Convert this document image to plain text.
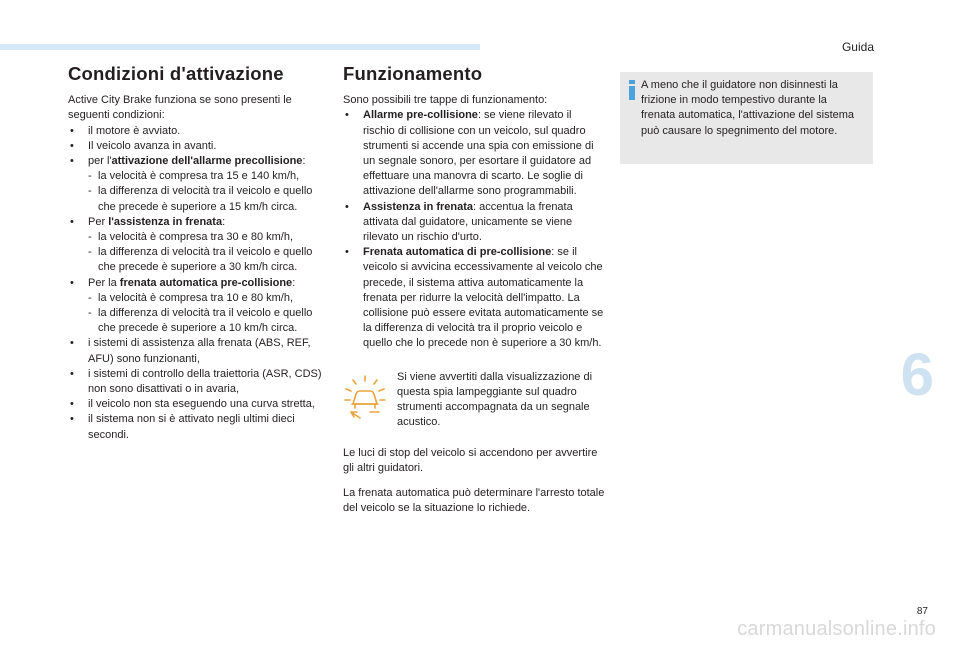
Guida
6
87
carmanualsonline.info
Condizioni d'attivazione

Active City Brake funziona se sono presenti le seguenti condizioni:

• il motore è avviato.
• Il veicolo avanza in avanti.
• per l'attivazione dell'allarme precollisione:
- la velocità è compresa tra 15 e 140 km/h,
- la differenza di velocità tra il veicolo e quello che precede è superiore a 15 km/h circa.
• Per l'assistenza in frenata:
- la velocità è compresa tra 30 e 80 km/h,
- la differenza di velocità tra il veicolo e quello che precede è superiore a 30 km/h circa.
• Per la frenata automatica pre-collisione:
- la velocità è compresa tra 10 e 80 km/h,
- la differenza di velocità tra il veicolo e quello che precede è superiore a 10 km/h circa.
• i sistemi di assistenza alla frenata (ABS, REF, AFU) sono funzionanti,
• i sistemi di controllo della traiettoria (ASR, CDS) non sono disattivati o in avaria,
• il veicolo non sta eseguendo una curva stretta,
• il sistema non si è attivato negli ultimi dieci secondi.
Funzionamento

Sono possibili tre tappe di funzionamento:

• Allarme pre-collisione: se viene rilevato il rischio di collisione con un veicolo, sul quadro strumenti si accende una spia con emissione di un segnale sonoro, per esortare il guidatore ad effettuare una manovra di scarto. Le soglie di attivazione dell'allarme sono programmabili.
• Assistenza in frenata: accentua la frenata attivata dal guidatore, unicamente se viene rilevato un rischio d'urto.
• Frenata automatica di pre-collisione: se il veicolo si avvicina eccessivamente al veicolo che precede, il sistema attiva automaticamente la frenata per ridurre la velocità dell'impatto. La collisione può essere evitata automaticamente se la differenza di velocità tra il proprio veicolo e quello che lo precede non è superiore a 30 km/h.

Si viene avvertiti dalla visualizzazione di questa spia lampeggiante sul quadro strumenti accompagnata da un segnale acustico.

Le luci di stop del veicolo si accendono per avvertire gli altri guidatori.

La frenata automatica può determinare l'arresto totale del veicolo se la situazione lo richiede.

A meno che il guidatore non disinnesti la frizione in modo tempestivo durante la frenata automatica, l'attivazione del sistema può causare lo spegnimento del motore.
